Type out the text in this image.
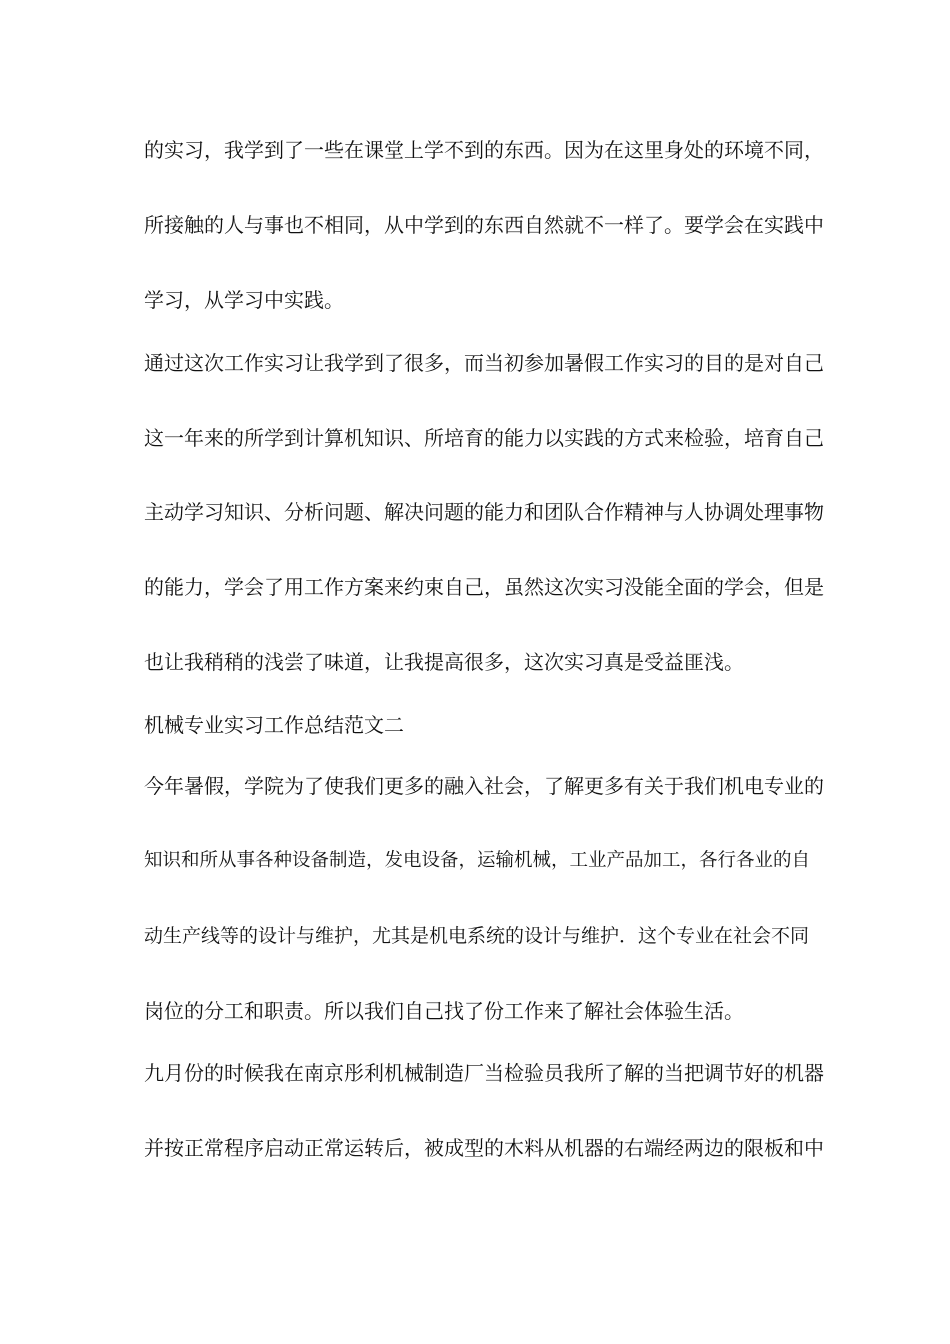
的实习，我学到了一些在课堂上学不到的东西。因为在这里身处的环境不同，
所接触的人与事也不相同，从中学到的东西自然就不一样了。要学会在实践中
学习，从学习中实践。
通过这次工作实习让我学到了很多，而当初参加暑假工作实习的目的是对自己
这一年来的所学到计算机知识、所培育的能力以实践的方式来检验，培育自己
主动学习知识、分析问题、解决问题的能力和团队合作精神与人协调处理事物
的能力，学会了用工作方案来约束自己，虽然这次实习没能全面的学会，但是
也让我稍稍的浅尝了味道，让我提高很多，这次实习真是受益匪浅。
机械专业实习工作总结范文二
今年暑假，学院为了使我们更多的融入社会，了解更多有关于我们机电专业的
知识和所从事各种设备制造，发电设备，运输机械，工业产品加工，各行各业的自
动生产线等的设计与维护，尤其是机电系统的设计与维护．这个专业在社会不同
岗位的分工和职责。所以我们自己找了份工作来了解社会体验生活。
九月份的时候我在南京彤利机械制造厂当检验员我所了解的当把调节好的机器
并按正常程序启动正常运转后，被成型的木料从机器的右端经两边的限板和中
